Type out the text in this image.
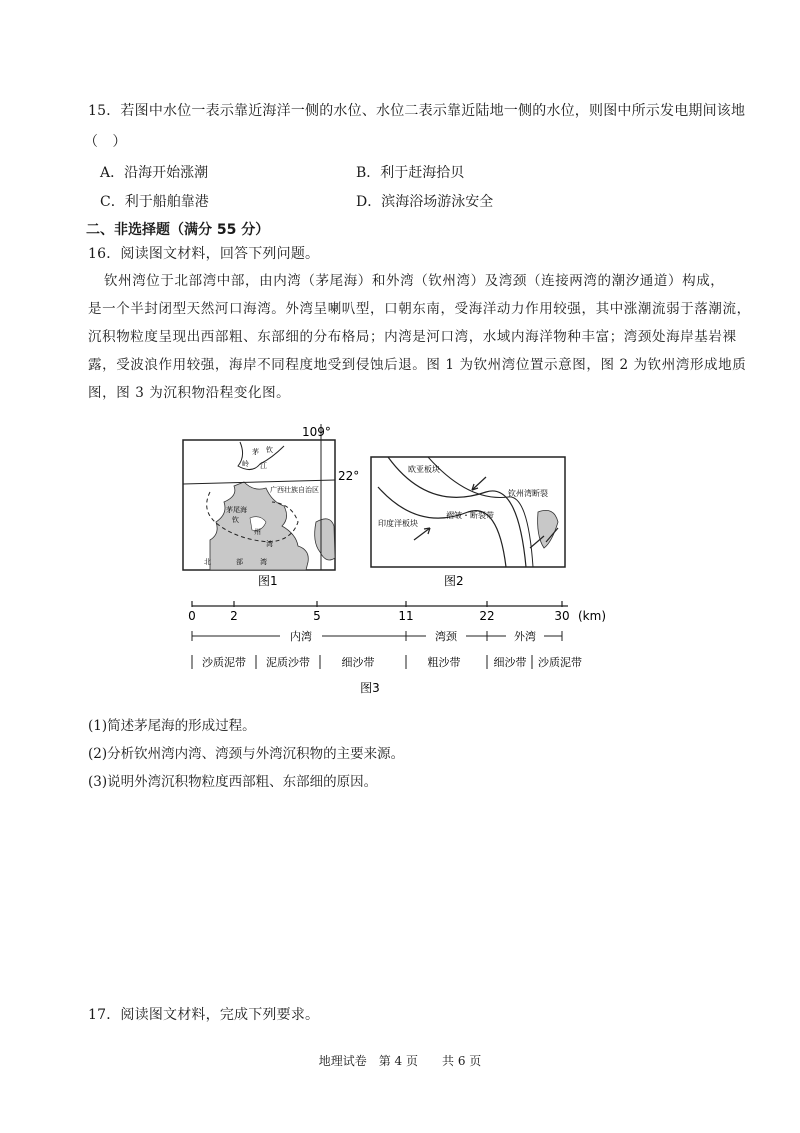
15．若图中水位一表示靠近海洋一侧的水位、水位二表示靠近陆地一侧的水位，则图中所示发电期间该地
（　）
A．沿海开始涨潮	B．利于赶海拾贝
C．利于船舶靠港	D．滨海浴场游泳安全
二、非选择题（满分 55 分）
16．阅读图文材料，回答下列问题。
钦州湾位于北部湾中部，由内湾（茅尾海）和外湾（钦州湾）及湾颈（连接两湾的潮汐通道）构成，
是一个半封闭型天然河口海湾。外湾呈喇叭型，口朝东南，受海洋动力作用较强，其中涨潮流弱于落潮流，
沉积物粒度呈现出西部粗、东部细的分布格局；内湾是河口湾，水域内海洋物种丰富；湾颈处海岸基岩裸
露，受波浪作用较强，海岸不同程度地受到侵蚀后退。图 1 为钦州湾位置示意图，图 2 为钦州湾形成地质
图，图 3 为沉积物沿程变化图。
109°
22°
茅 钦
岭 江
广西壮族自治区
茅尾海
钦
州
湾
北	部 湾
图1
欧亚板块
印度洋板块
褶皱・断裂带
钦州湾断裂
图2
0	2	5	11	22	30 (km)
内湾	湾颈	外湾
沙质泥带 泥质沙带	细沙带	粗沙带	细沙带 沙质泥带
图3
(1)简述茅尾海的形成过程。
(2)分析钦州湾内湾、湾颈与外湾沉积物的主要来源。
(3)说明外湾沉积物粒度西部粗、东部细的原因。
17．阅读图文材料，完成下列要求。
地理试卷　第 4 页　　共 6 页
